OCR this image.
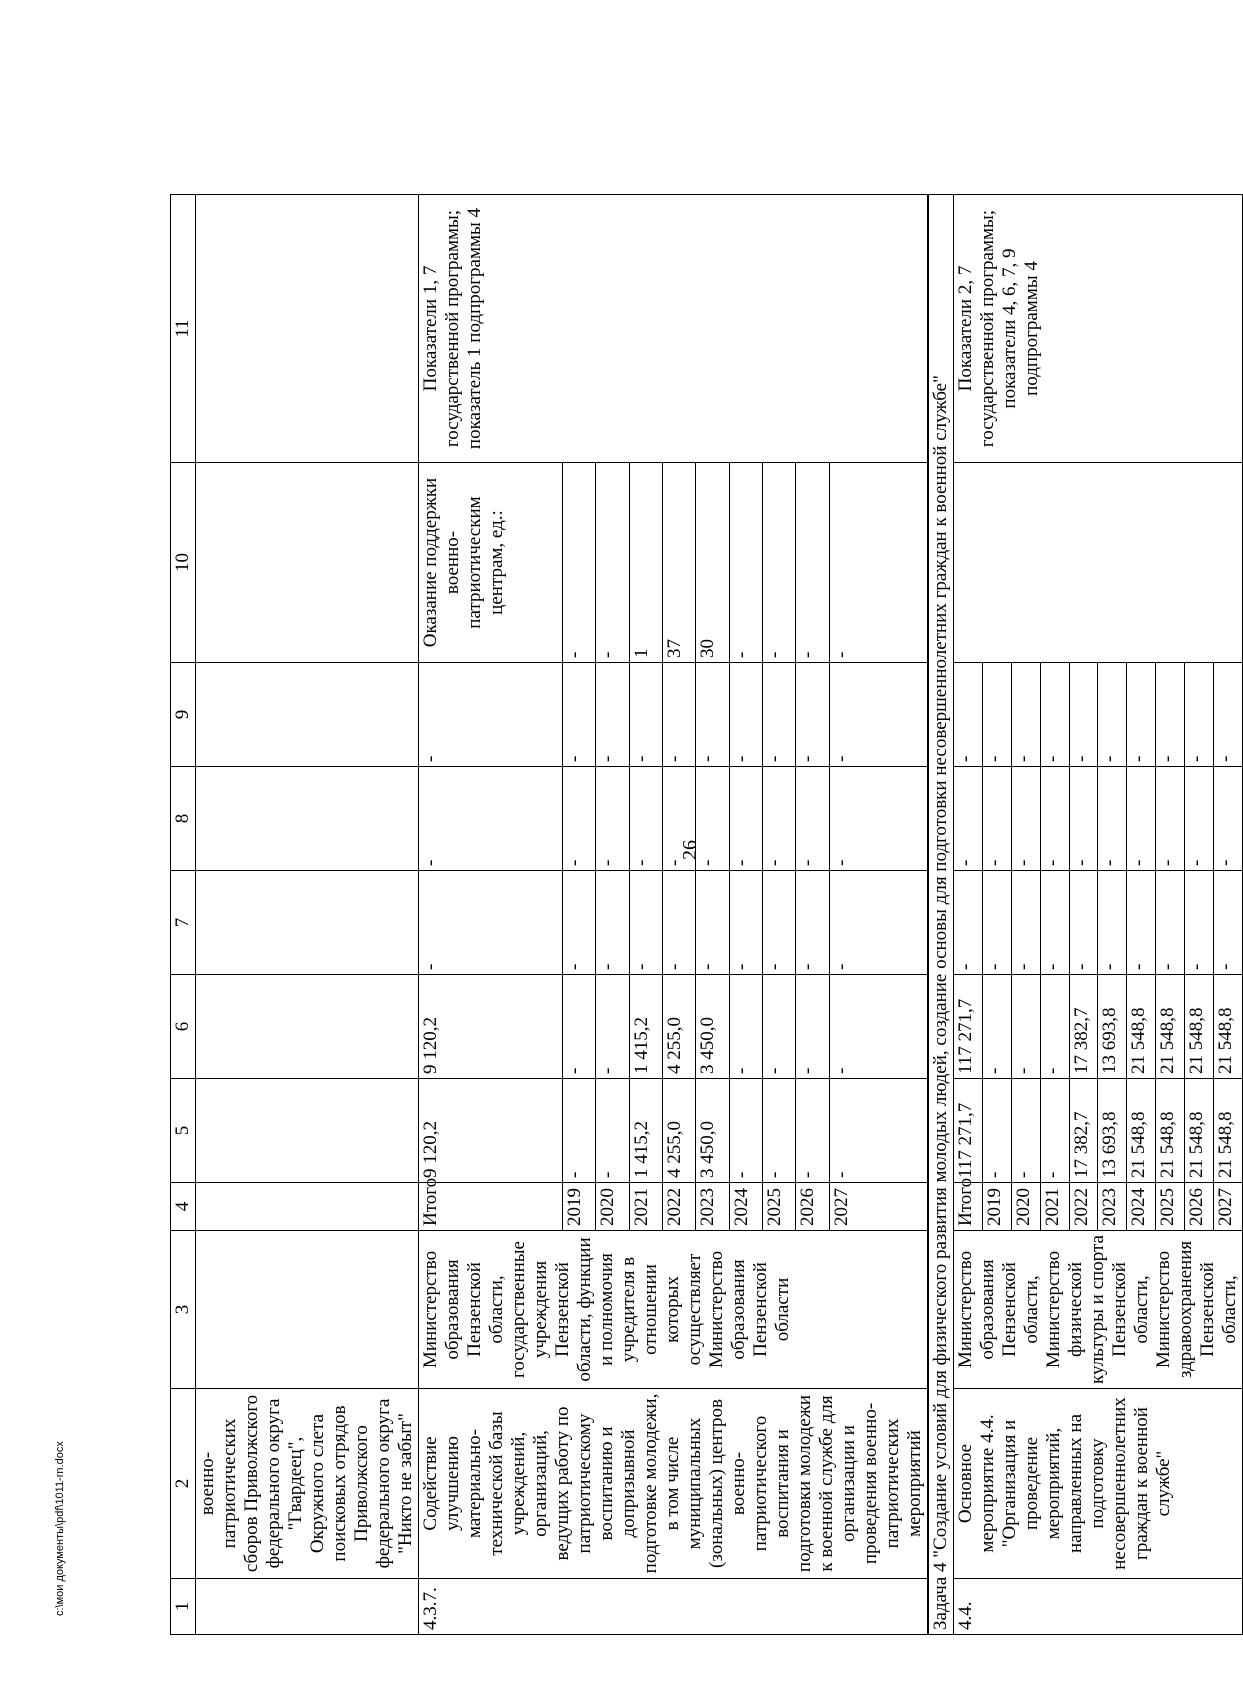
26
c:\мои документы\pdf\1011-rn.docx	1	2	3	4	5	6	7	8	9	10	11
	военно-патриотических сборов Приволжского федерального округа "Гвардеец", Окружного слета поисковых отрядов Приволжского федерального округа "Никто не забыт"									
4.3.7.	Содействие улучшению материально-технической базы учреждений, организаций, ведущих работу по патриотическому воспитанию и допризывной подготовке молодежи, в том числе муниципальных (зональных) центров военно-патриотического воспитания и подготовки молодежи к военной службе для организации и проведения военно-патриотических мероприятий	Министерство образования Пензенской области, государственные учреждения Пензенской области, функции и полномочия учредителя в отношении которых осуществляет Министерство образования Пензенской области	Итого	9 120,2	9 120,2	-	-	-	Оказание поддержки военно-патриотическим центрам, ед.:	Показатели 1, 7 государственной программы; показатель 1 подпрограммы 4
			2019	-	-	-	-	-	-	
			2020	-	-	-	-	-	-	
			2021	1 415,2	1 415,2	-	-	-	1	
			2022	4 255,0	4 255,0	-	-	-	37	
			2023	3 450,0	3 450,0	-	-	-	30	
			2024	-	-	-	-	-	-	
			2025	-	-	-	-	-	-	
			2026	-	-	-	-	-	-	
			2027	-	-	-	-	-	-	
Задача 4 "Создание условий для физического развития молодых людей, создание основы для подготовки несовершеннолетних граждан к военной службе"										
4.4.	Основное мероприятие 4.4. "Организация и проведение мероприятий, направленных на подготовку несовершеннолетних граждан к военной службе"	Министерство образования Пензенской области, Министерство физической культуры и спорта Пензенской области, Министерство здравоохранения Пензенской области,	Итого	117 271,7	117 271,7	-	-	-		Показатели 2, 7 государственной программы; показатели 4, 6, 7, 9 подпрограммы 4
			2019	-	-	-	-	-		
			2020	-	-	-	-	-		
			2021	-	-	-	-	-		
			2022	17 382,7	17 382,7	-	-	-		
			2023	13 693,8	13 693,8	-	-	-		
			2024	21 548,8	21 548,8	-	-	-		
			2025	21 548,8	21 548,8	-	-	-		
			2026	21 548,8	21 548,8	-	-	-		
			2027	21 548,8	21 548,8	-	-	-		
